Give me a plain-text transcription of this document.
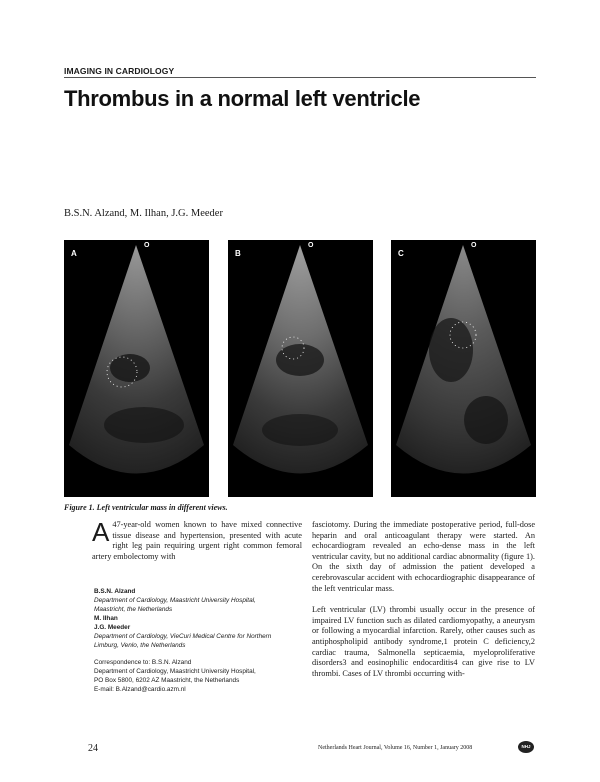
IMAGING IN CARDIOLOGY
Thrombus in a normal left ventricle
B.S.N. Alzand, M. Ilhan, J.G. Meeder
A
O
B
O
C
O
Figure 1. Left ventricular mass in different views.

A 47-year-old women known to have mixed connective tissue disease and hypertension, presented with acute right leg pain requiring urgent right common femoral artery embolectomy with

B.S.N. Alzand
Department of Cardiology, Maastricht University Hospital,
Maastricht, the Netherlands
M. Ilhan
J.G. Meeder
Department of Cardiology, VieCuri Medical Centre for Northern
Limburg, Venlo, the Netherlands
Correspondence to: B.S.N. Alzand
Department of Cardiology, Maastricht University Hospital,
PO Box 5800, 6202 AZ Maastricht, the Netherlands
E-mail: B.Alzand@cardio.azm.nl

fasciotomy. During the immediate postoperative period, full-dose heparin and oral anticoagulant therapy were started. An echocardiogram revealed an echo-dense mass in the left ventricular cavity, but no additional cardiac abnormality (figure 1). On the sixth day of admission the patient developed a cerebrovascular accident with echocardiographic disappearance of the left ventricular mass.

Left ventricular (LV) thrombi usually occur in the presence of impaired LV function such as dilated cardiomyopathy, a aneurysm or following a myocardial infarction. Rarely, other causes such as antiphospholipid antibody syndrome,1 protein C deficiency,2 cardiac trauma, Salmonella septicaemia, myeloproliferative disorders3 and eosinophilic endocarditis4 can give rise to LV thrombi. Cases of LV thrombi occurring with-

24	Netherlands Heart Journal, Volume 16, Number 1, January 2008	NHJ
